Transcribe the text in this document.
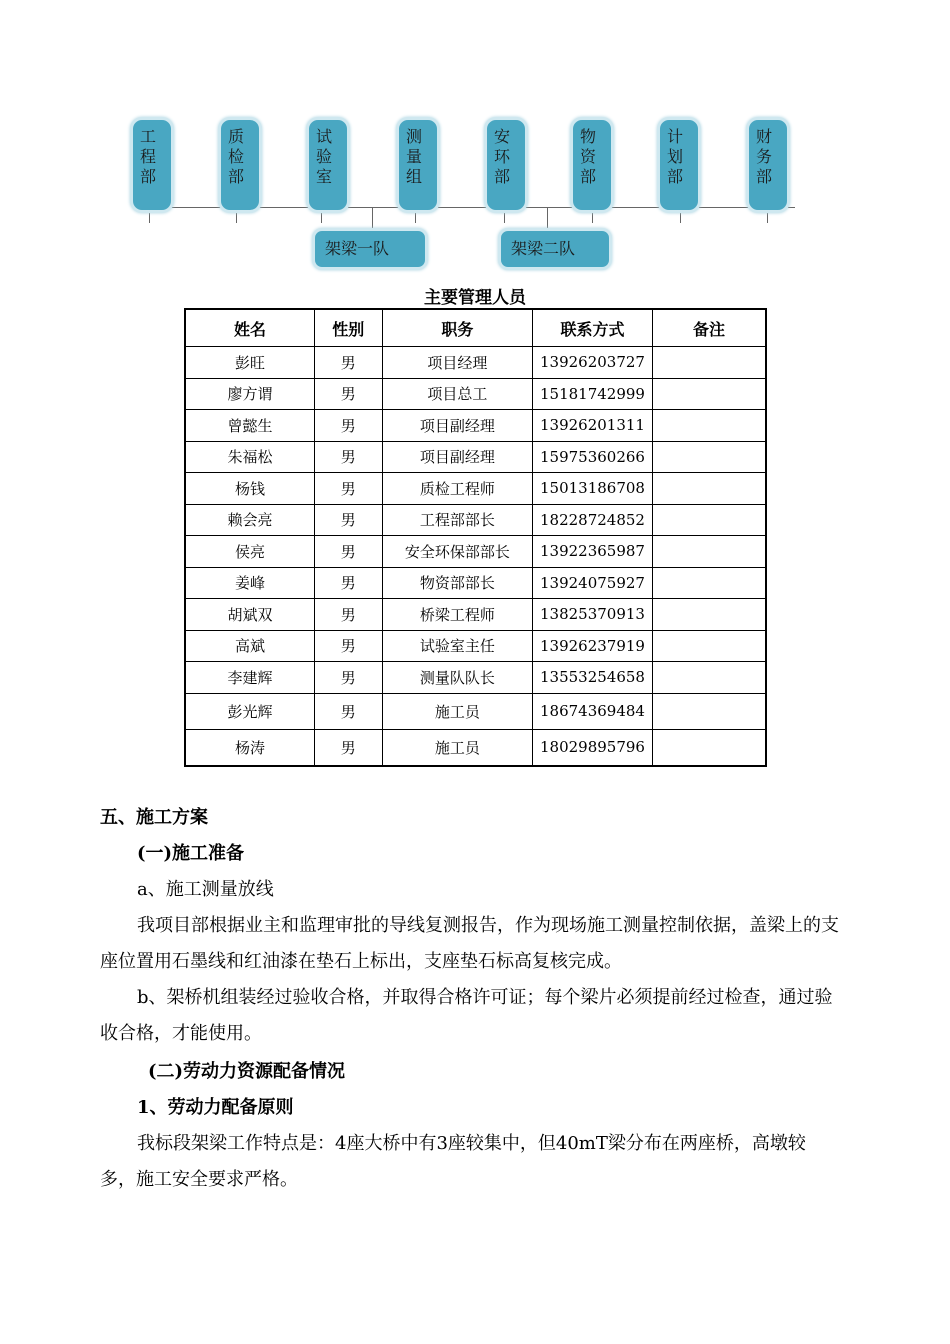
工
程
部
质
检
部
试
验
室
测
量
组
安
环
部
物
资
部
计
划
部
财
务
部
架梁一队	架梁二队
主要管理人员
姓名	性别	职务	联系方式	备注
彭旺	男	项目经理	13926203727	
廖方谓	男	项目总工	15181742999	
曾懿生	男	项目副经理	13926201311	
朱福松	男	项目副经理	15975360266	
杨钱	男	质检工程师	15013186708	
赖会亮	男	工程部部长	18228724852	
侯亮	男	安全环保部部长	13922365987	
姜峰	男	物资部部长	13924075927	
胡斌双	男	桥梁工程师	13825370913	
高斌	男	试验室主任	13926237919	
李建辉	男	测量队队长	13553254658	
彭光辉	男	施工员	18674369484	
杨涛	男	施工员	18029895796	
五、施工方案
(一)施工准备
a、施工测量放线
我项目部根据业主和监理审批的导线复测报告，作为现场施工测量控制依据，盖梁上的支座位置用石墨线和红油漆在垫石上标出，支座垫石标高复核完成。
b、架桥机组装经过验收合格，并取得合格许可证；每个梁片必须提前经过检查，通过验收合格，才能使用。
(二)劳动力资源配备情况
1、劳动力配备原则
我标段架梁工作特点是：4座大桥中有3座较集中，但40mT梁分布在两座桥，高墩较多，施工安全要求严格。
